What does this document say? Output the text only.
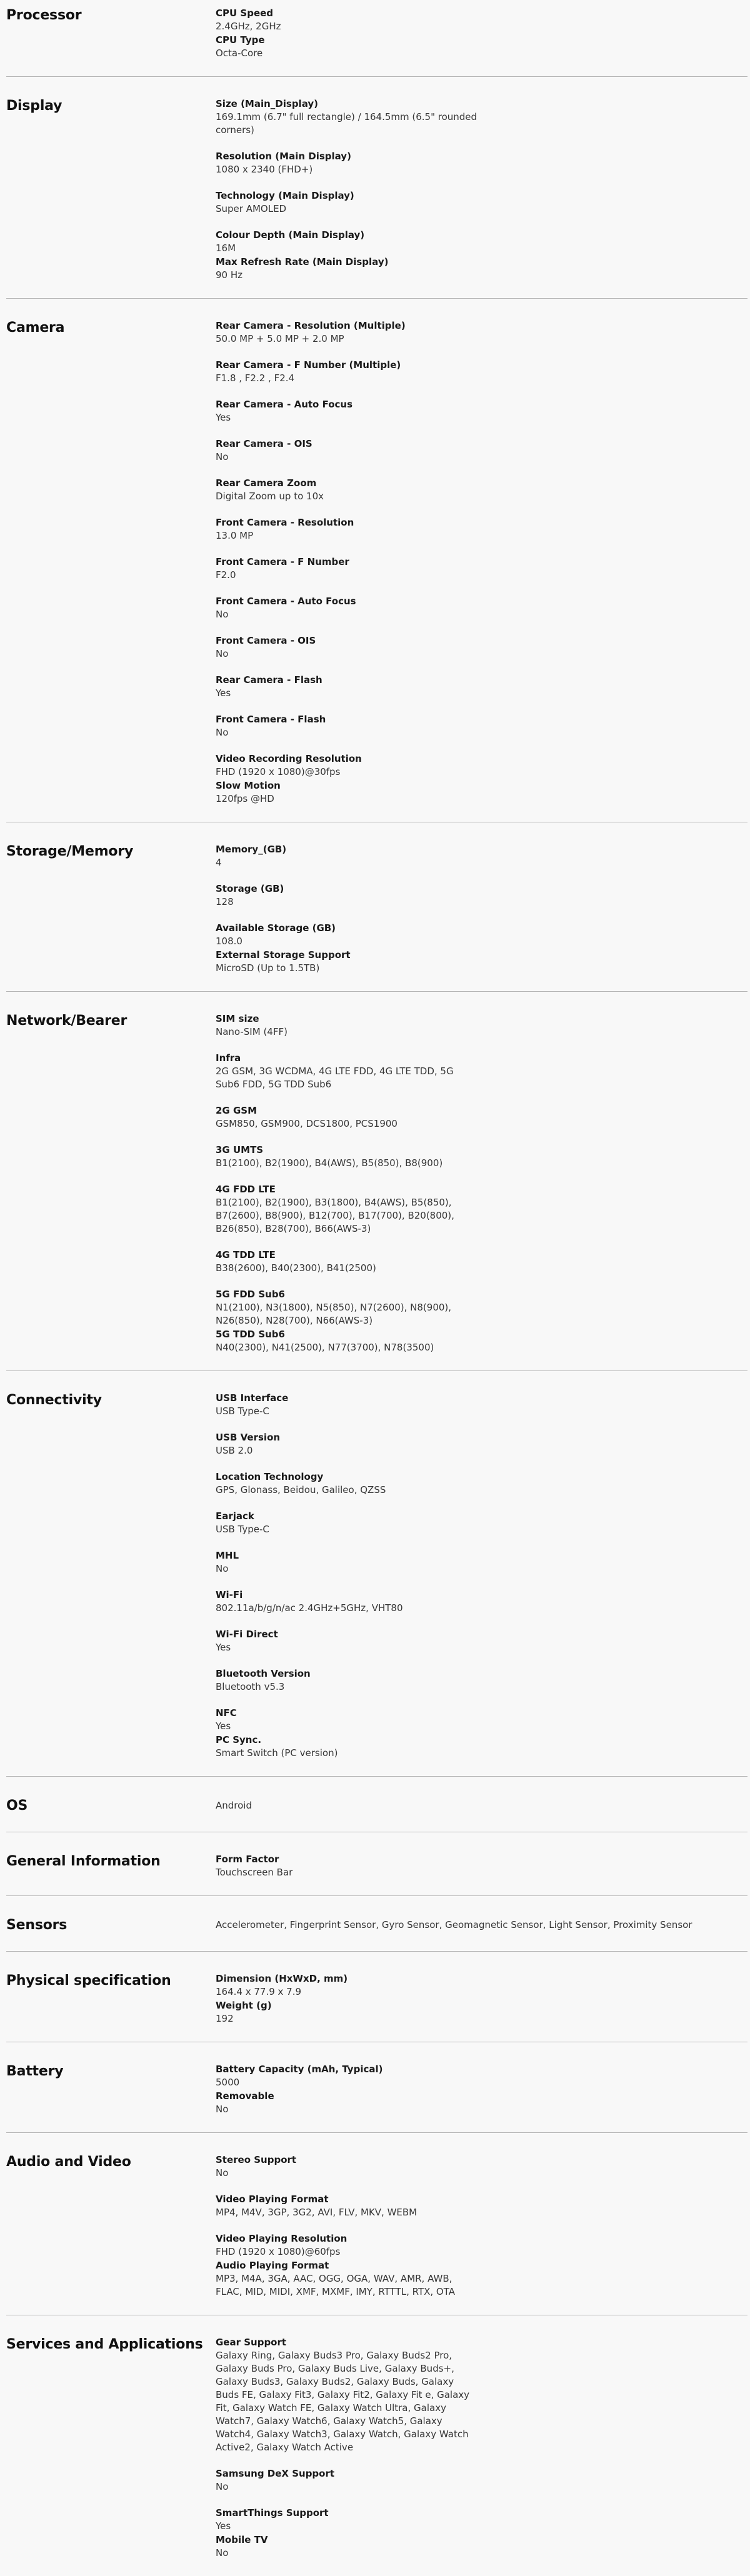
Processor	CPU Speed
2.4GHz, 2GHz
CPU Type
Octa-Core
Display	Size (Main_Display)
169.1mm (6.7" full rectangle) / 164.5mm (6.5" rounded corners)
Resolution (Main Display)
1080 x 2340 (FHD+)
Technology (Main Display)
Super AMOLED
Colour Depth (Main Display)
16M
Max Refresh Rate (Main Display)
90 Hz
Camera	Rear Camera - Resolution (Multiple)
50.0 MP + 5.0 MP + 2.0 MP
Rear Camera - F Number (Multiple)
F1.8 , F2.2 , F2.4
Rear Camera - Auto Focus
Yes
Rear Camera - OIS
No
Rear Camera Zoom
Digital Zoom up to 10x
Front Camera - Resolution
13.0 MP
Front Camera - F Number
F2.0
Front Camera - Auto Focus
No
Front Camera - OIS
No
Rear Camera - Flash
Yes
Front Camera - Flash
No
Video Recording Resolution
FHD (1920 x 1080)@30fps
Slow Motion
120fps @HD
Storage/Memory	Memory_(GB)
4
Storage (GB)
128
Available Storage (GB)
108.0
External Storage Support
MicroSD (Up to 1.5TB)
Network/Bearer	SIM size
Nano-SIM (4FF)
Infra
2G GSM, 3G WCDMA, 4G LTE FDD, 4G LTE TDD, 5G Sub6 FDD, 5G TDD Sub6
2G GSM
GSM850, GSM900, DCS1800, PCS1900
3G UMTS
B1(2100), B2(1900), B4(AWS), B5(850), B8(900)
4G FDD LTE
B1(2100), B2(1900), B3(1800), B4(AWS), B5(850), B7(2600), B8(900), B12(700), B17(700), B20(800), B26(850), B28(700), B66(AWS-3)
4G TDD LTE
B38(2600), B40(2300), B41(2500)
5G FDD Sub6
N1(2100), N3(1800), N5(850), N7(2600), N8(900), N26(850), N28(700), N66(AWS-3)
5G TDD Sub6
N40(2300), N41(2500), N77(3700), N78(3500)
Connectivity	USB Interface
USB Type-C
USB Version
USB 2.0
Location Technology
GPS, Glonass, Beidou, Galileo, QZSS
Earjack
USB Type-C
MHL
No
Wi-Fi
802.11a/b/g/n/ac 2.4GHz+5GHz, VHT80
Wi-Fi Direct
Yes
Bluetooth Version
Bluetooth v5.3
NFC
Yes
PC Sync.
Smart Switch (PC version)
OS	Android
General Information	Form Factor
Touchscreen Bar
Sensors	Accelerometer, Fingerprint Sensor, Gyro Sensor, Geomagnetic Sensor, Light Sensor, Proximity Sensor
Physical specification	Dimension (HxWxD, mm)
164.4 x 77.9 x 7.9
Weight (g)
192
Battery	Battery Capacity (mAh, Typical)
5000
Removable
No
Audio and Video	Stereo Support
No
Video Playing Format
MP4, M4V, 3GP, 3G2, AVI, FLV, MKV, WEBM
Video Playing Resolution
FHD (1920 x 1080)@60fps
Audio Playing Format
MP3, M4A, 3GA, AAC, OGG, OGA, WAV, AMR, AWB, FLAC, MID, MIDI, XMF, MXMF, IMY, RTTTL, RTX, OTA
Services and Applications	Gear Support
Galaxy Ring, Galaxy Buds3 Pro, Galaxy Buds2 Pro, Galaxy Buds Pro, Galaxy Buds Live, Galaxy Buds+, Galaxy Buds3, Galaxy Buds2, Galaxy Buds, Galaxy Buds FE, Galaxy Fit3, Galaxy Fit2, Galaxy Fit e, Galaxy Fit, Galaxy Watch FE, Galaxy Watch Ultra, Galaxy Watch7, Galaxy Watch6, Galaxy Watch5, Galaxy Watch4, Galaxy Watch3, Galaxy Watch, Galaxy Watch Active2, Galaxy Watch Active
Samsung DeX Support
No
SmartThings Support
Yes
Mobile TV
No
